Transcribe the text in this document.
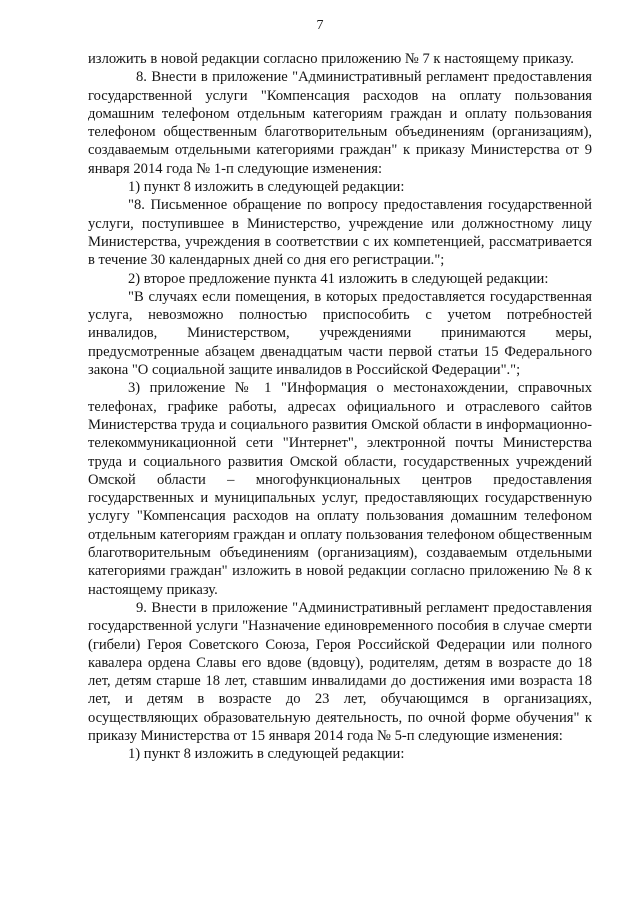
7

изложить в новой редакции согласно приложению № 7 к настоящему приказу.

8. Внести в приложение "Административный регламент предоставления государственной услуги "Компенсация расходов на оплату пользования домашним телефоном отдельным категориям граждан и оплату пользования телефоном общественным благотворительным объединениям (организациям), создаваемым отдельными категориями граждан" к приказу Министерства от 9 января 2014 года № 1-п следующие изменения:

1) пункт 8 изложить в следующей редакции:

"8. Письменное обращение по вопросу предоставления государственной услуги, поступившее в Министерство, учреждение или должностному лицу Министерства, учреждения в соответствии с их компетенцией, рассматривается в течение 30 календарных дней со дня его регистрации.";

2) второе предложение пункта 41 изложить в следующей редакции:

"В случаях если помещения, в которых предоставляется государственная услуга, невозможно полностью приспособить с учетом потребностей инвалидов, Министерством, учреждениями принимаются меры, предусмотренные абзацем двенадцатым части первой статьи 15 Федерального закона "О социальной защите инвалидов в Российской Федерации".";

3) приложение № 1 "Информация о местонахождении, справочных телефонах, графике работы, адресах официального и отраслевого сайтов Министерства труда и социального развития Омской области в информационно-телекоммуникационной сети "Интернет", электронной почты Министерства труда и социального развития Омской области, государственных учреждений Омской области – многофункциональных центров предоставления государственных и муниципальных услуг, предоставляющих государственную услугу "Компенсация расходов на оплату пользования домашним телефоном отдельным категориям граждан и оплату пользования телефоном общественным благотворительным объединениям (организациям), создаваемым отдельными категориями граждан" изложить в новой редакции согласно приложению № 8 к настоящему приказу.

9. Внести в приложение "Административный регламент предоставления государственной услуги "Назначение единовременного пособия в случае смерти (гибели) Героя Советского Союза, Героя Российской Федерации или полного кавалера ордена Славы его вдове (вдовцу), родителям, детям в возрасте до 18 лет, детям старше 18 лет, ставшим инвалидами до достижения ими возраста 18 лет, и детям в возрасте до 23 лет, обучающимся в организациях, осуществляющих образовательную деятельность, по очной форме обучения" к приказу Министерства от 15 января 2014 года № 5-п следующие изменения:

1) пункт 8 изложить в следующей редакции:
